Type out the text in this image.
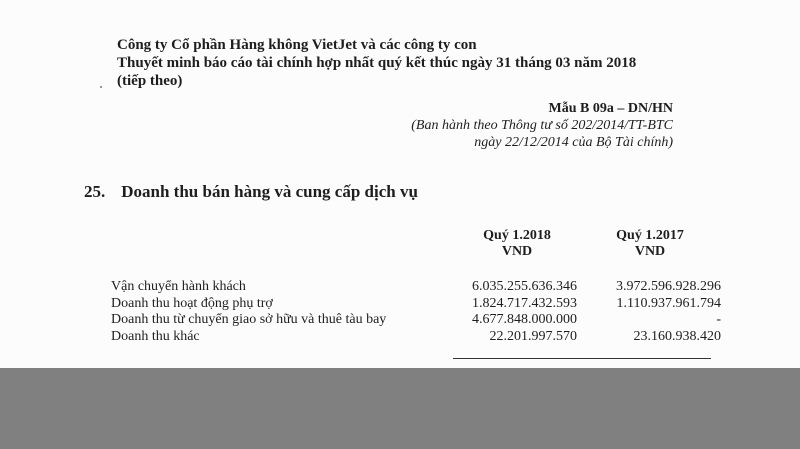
Công ty Cổ phần Hàng không VietJet và các công ty con
Thuyết minh báo cáo tài chính hợp nhất quý kết thúc ngày 31 tháng 03 năm 2018
(tiếp theo)
Mẫu B 09a – DN/HN
(Ban hành theo Thông tư số 202/2014/TT-BTC
ngày 22/12/2014 của Bộ Tài chính)
25. Doanh thu bán hàng và cung cấp dịch vụ
Quý 1.2018
VND
Quý 1.2017
VND
Vận chuyển hành khách	6.035.255.636.346	3.972.596.928.296
Doanh thu hoạt động phụ trợ	1.824.717.432.593	1.110.937.961.794
Doanh thu từ chuyển giao sở hữu và thuê tàu bay	4.677.848.000.000	-
Doanh thu khác	22.201.997.570	23.160.938.420
